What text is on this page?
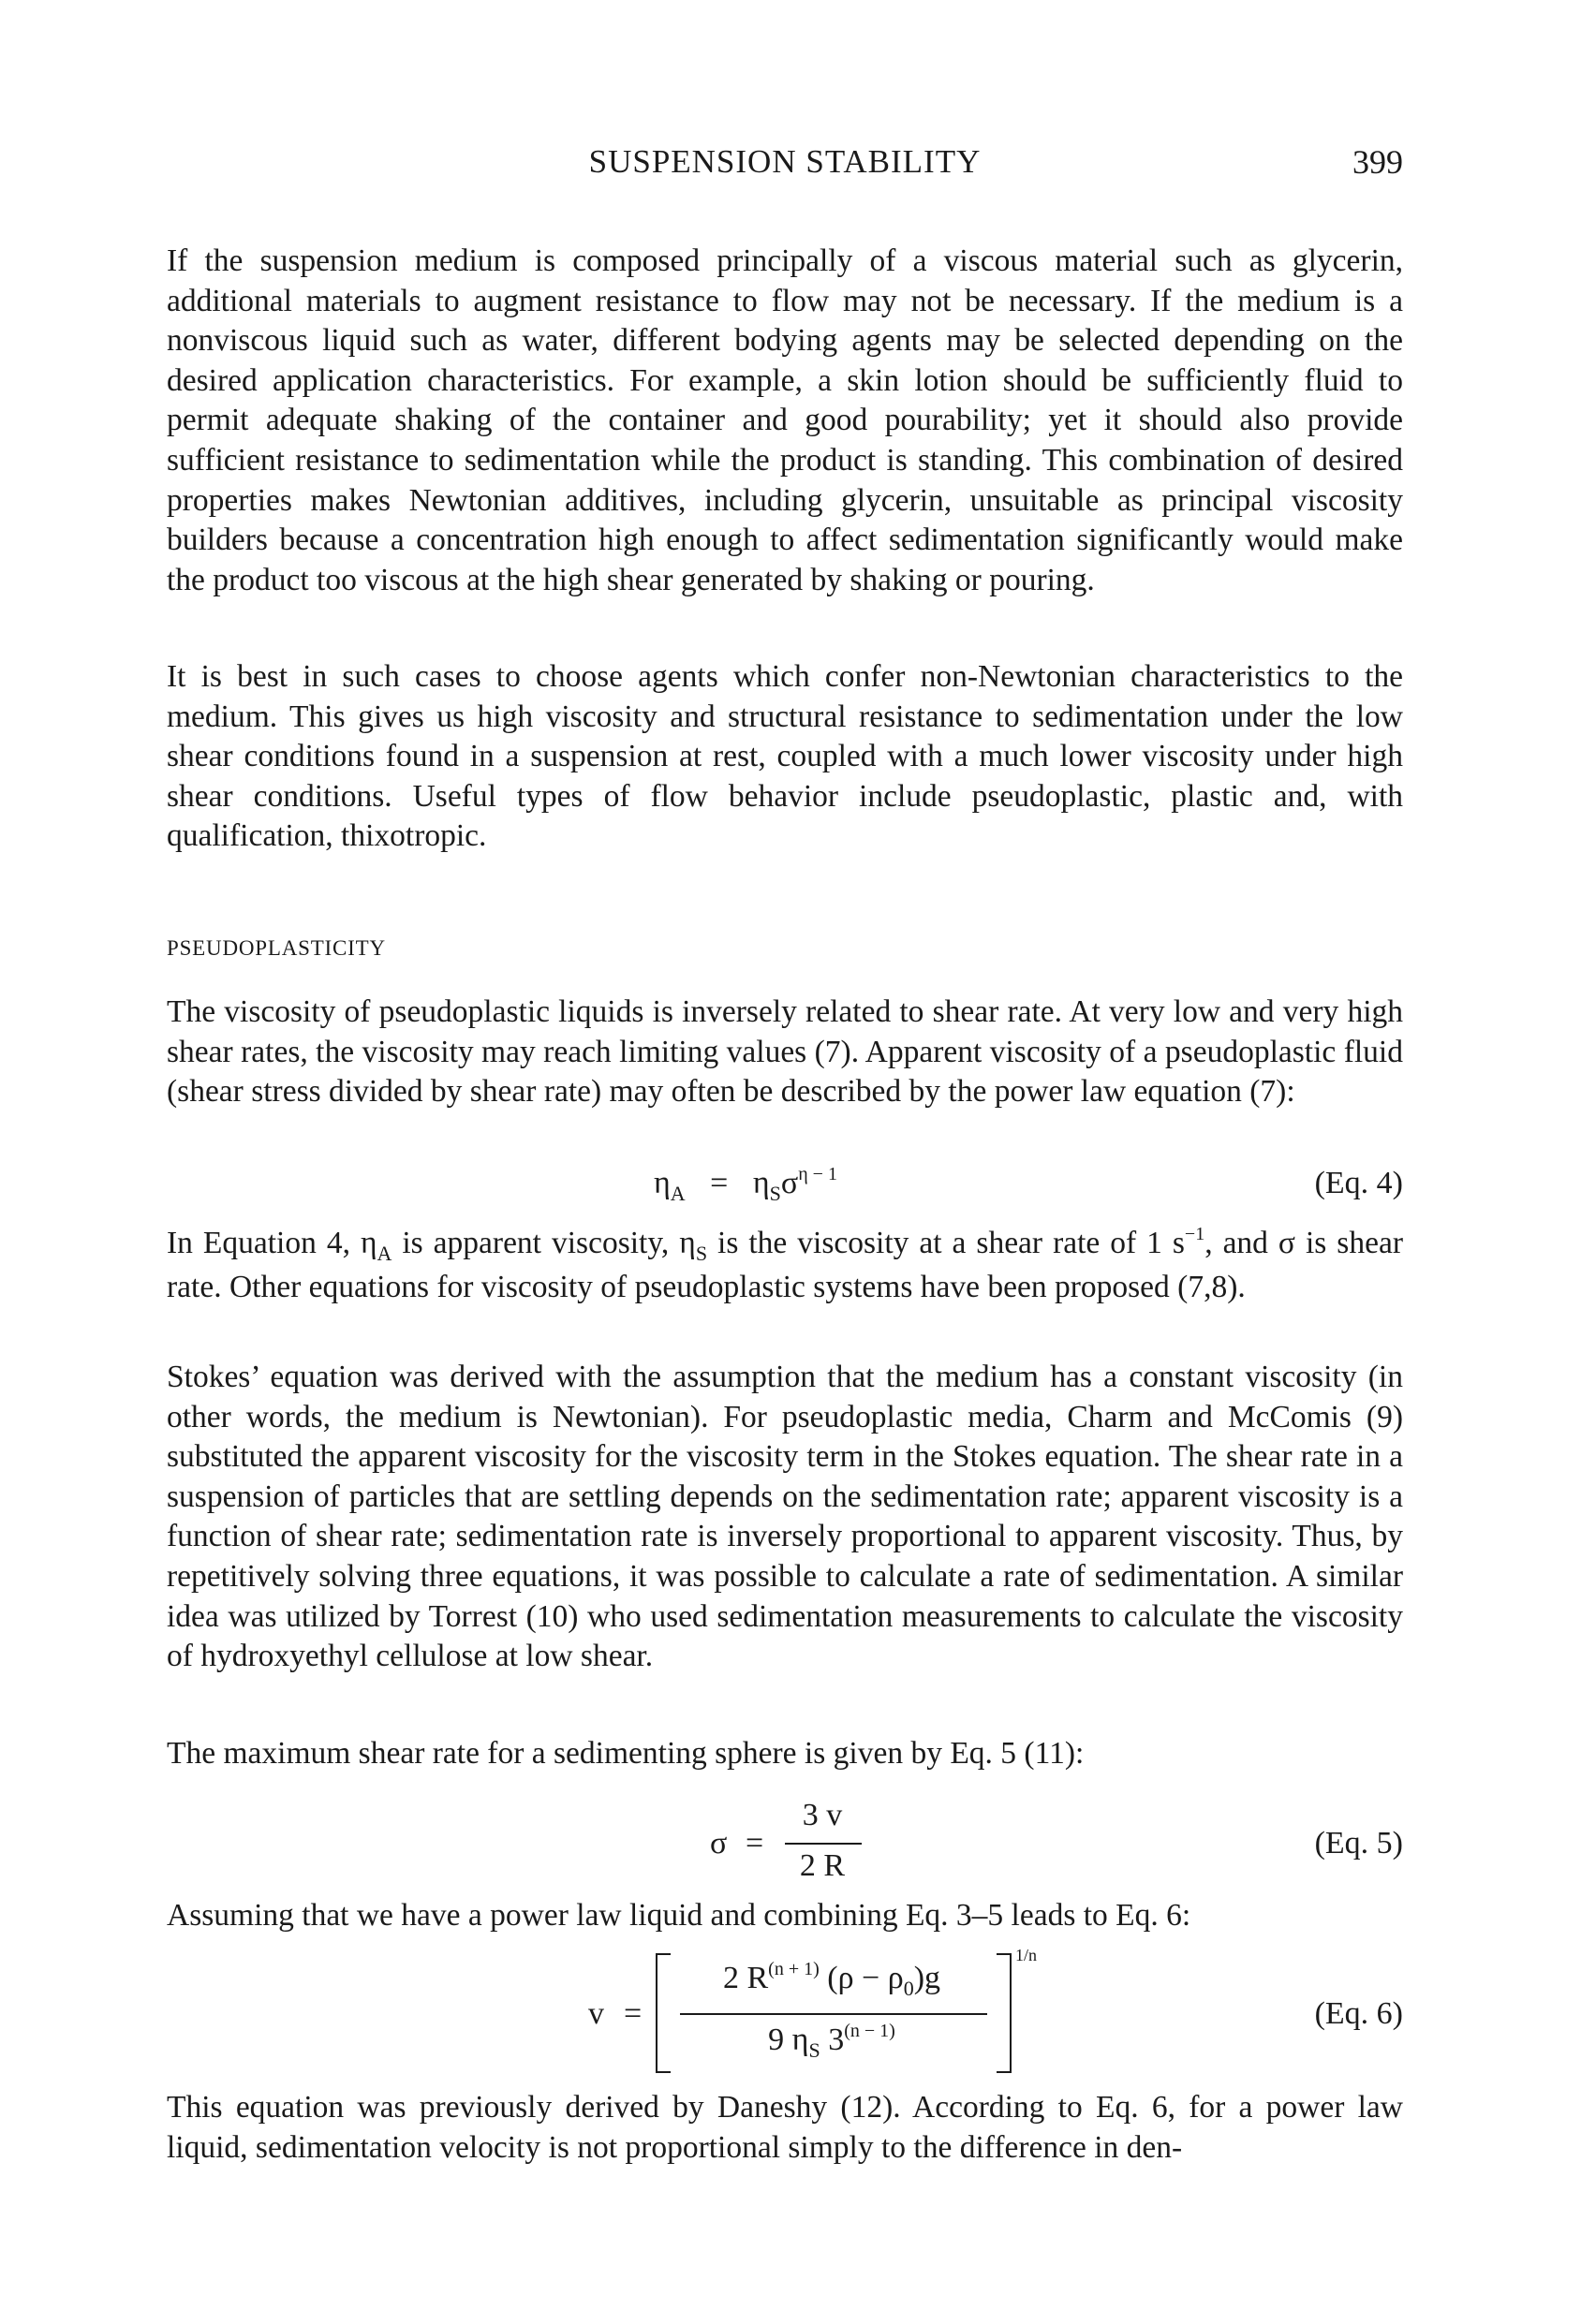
SUSPENSION STABILITY	399

If the suspension medium is composed principally of a viscous material such as glycerin, additional materials to augment resistance to flow may not be necessary. If the medium is a nonviscous liquid such as water, different bodying agents may be selected depending on the desired application characteristics. For example, a skin lotion should be sufficiently fluid to permit adequate shaking of the container and good pourability; yet it should also provide sufficient resistance to sedimentation while the product is standing. This combination of desired properties makes Newtonian additives, including glycerin, unsuitable as principal viscosity builders because a concentration high enough to affect sedimentation significantly would make the product too viscous at the high shear generated by shaking or pouring.

It is best in such cases to choose agents which confer non-Newtonian characteristics to the medium. This gives us high viscosity and structural resistance to sedimentation under the low shear conditions found in a suspension at rest, coupled with a much lower viscosity under high shear conditions. Useful types of flow behavior include pseudoplastic, plastic and, with qualification, thixotropic.

PSEUDOPLASTICITY

The viscosity of pseudoplastic liquids is inversely related to shear rate. At very low and very high shear rates, the viscosity may reach limiting values (7). Apparent viscosity of a pseudoplastic fluid (shear stress divided by shear rate) may often be described by the power law equation (7):

$\eta_A = \eta_S\sigma^{\eta - 1}$	(Eq. 4)

In Equation 4, $\eta_A$ is apparent viscosity, $\eta_S$ is the viscosity at a shear rate of 1 $s^{-1}$, and σ is shear rate. Other equations for viscosity of pseudoplastic systems have been proposed (7,8).

Stokes’ equation was derived with the assumption that the medium has a constant viscosity (in other words, the medium is Newtonian). For pseudoplastic media, Charm and McComis (9) substituted the apparent viscosity for the viscosity term in the Stokes equation. The shear rate in a suspension of particles that are settling depends on the sedimentation rate; apparent viscosity is a function of shear rate; sedimentation rate is inversely proportional to apparent viscosity. Thus, by repetitively solving three equations, it was possible to calculate a rate of sedimentation. A similar idea was utilized by Torrest (10) who used sedimentation measurements to calculate the viscosity of hydroxyethyl cellulose at low shear.

The maximum shear rate for a sedimenting sphere is given by Eq. 5 (11):

σ =
3 v
2 R
(Eq. 5)

Assuming that we have a power law liquid and combining Eq. 3–5 leads to Eq. 6:

v =
2 $R^{(n + 1)}$ $(\rho - \rho_0)g$
9 $\eta_S$ $3^{(n - 1)}$
1/n
(Eq. 6)

This equation was previously derived by Daneshy (12). According to Eq. 6, for a power law liquid, sedimentation velocity is not proportional simply to the difference in den-
